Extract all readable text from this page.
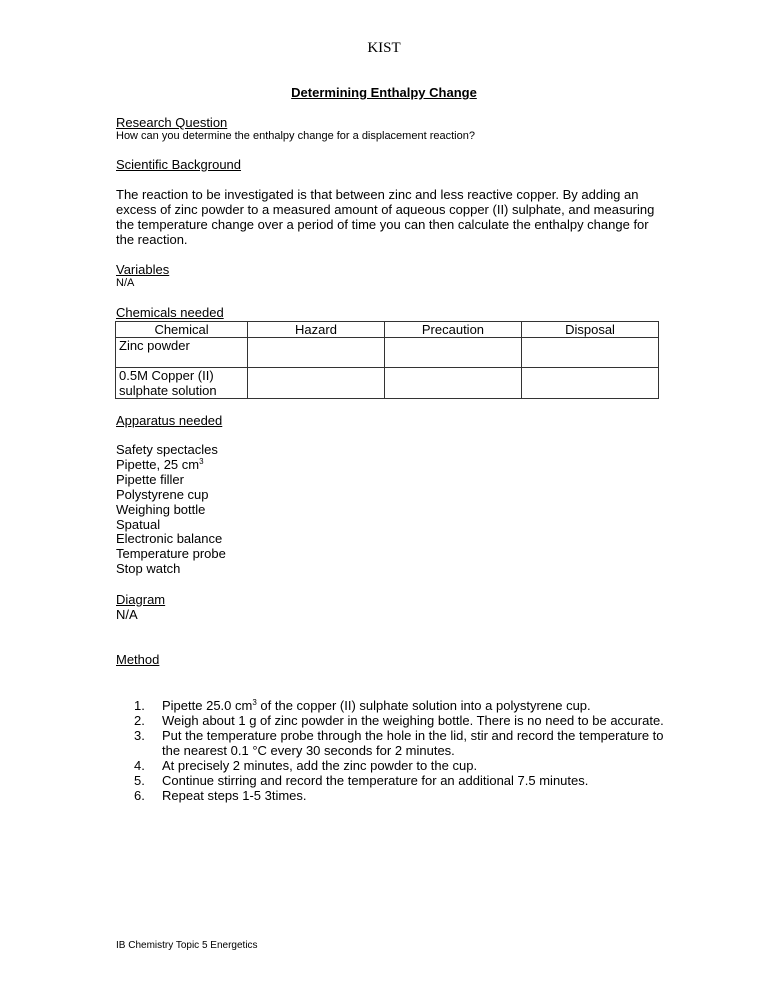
KIST
Determining Enthalpy Change
Research Question
How can you determine the enthalpy change for a displacement reaction?
Scientific Background
The reaction to be investigated is that between zinc and less reactive copper. By adding an excess of zinc powder to a measured amount of aqueous copper (II) sulphate, and measuring the temperature change over a period of time you can then calculate the enthalpy change for the reaction.
Variables
N/A
Chemicals needed
Chemical	Hazard	Precaution	Disposal
Zinc powder			

0.5M Copper (II)
sulphate solution			

Apparatus needed
Safety spectacles
Pipette, 25 $cm^3$
Pipette filler
Polystyrene cup
Weighing bottle
Spatual
Electronic balance
Temperature probe
Stop watch
Diagram
N/A
Method
1. Pipette 25.0 $cm^3$ of the copper (II) sulphate solution into a polystyrene cup.
2. Weigh about 1 g of zinc powder in the weighing bottle. There is no need to be accurate.
3. Put the temperature probe through the hole in the lid, stir and record the temperature to the nearest 0.1 °C every 30 seconds for 2 minutes.
4. At precisely 2 minutes, add the zinc powder to the cup.
5. Continue stirring and record the temperature for an additional 7.5 minutes.
6. Repeat steps 1-5 3times.
IB Chemistry Topic 5 Energetics
